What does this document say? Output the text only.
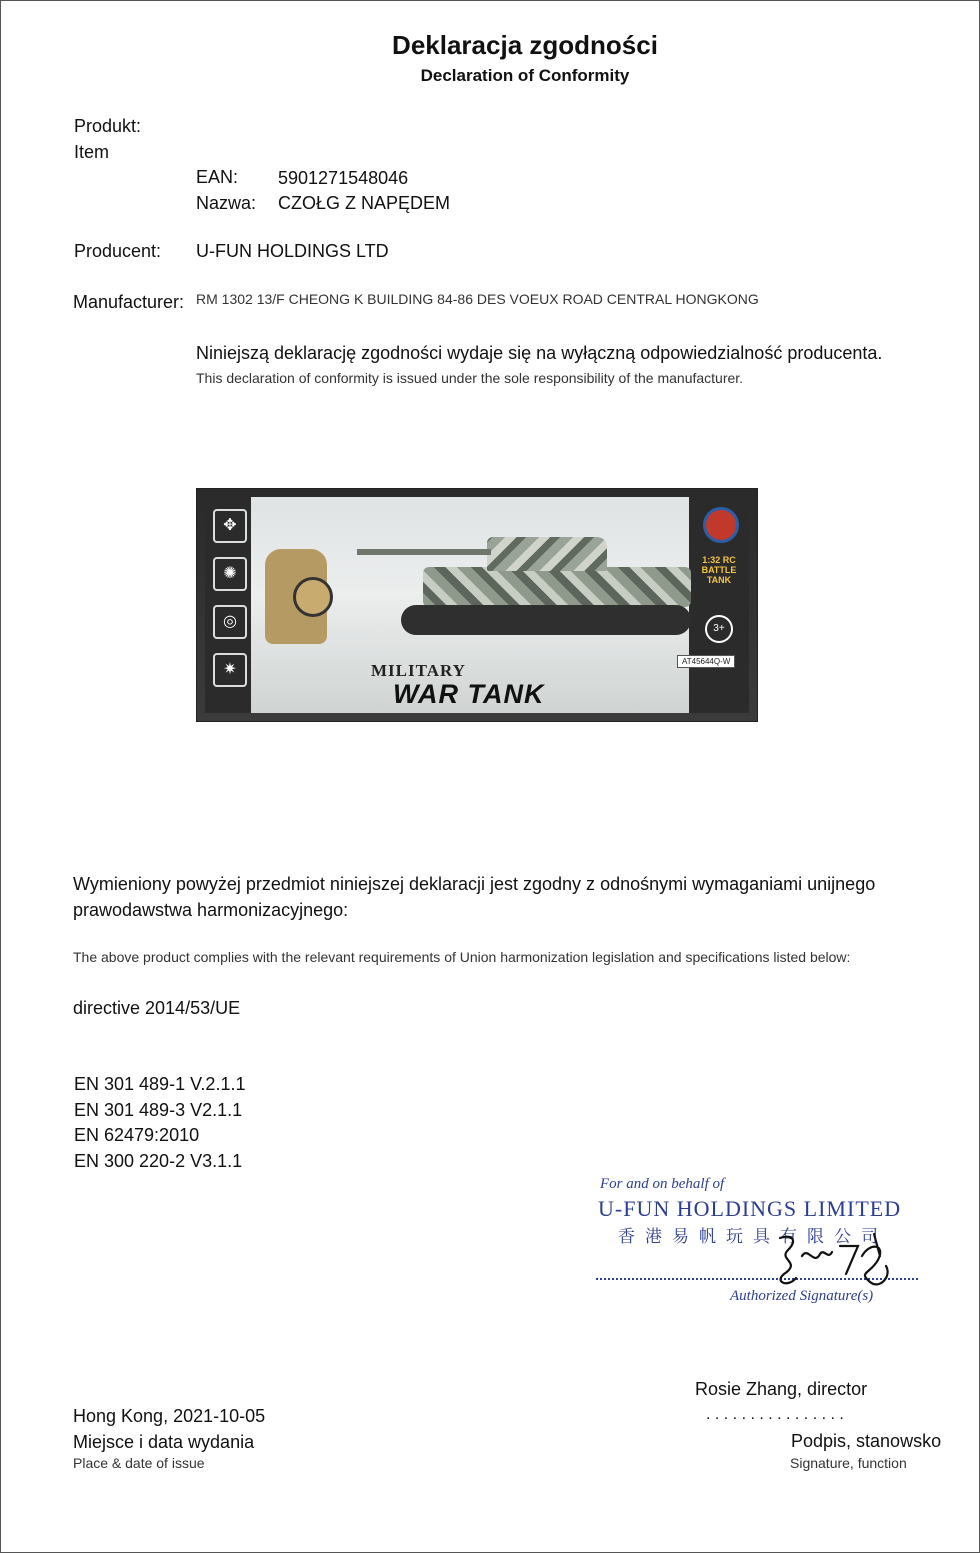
Deklaracja zgodności
Declaration of Conformity
Produkt:
Item
EAN: 5901271548046
Nazwa: CZOŁG Z NAPĘDEM
Producent: U-FUN HOLDINGS LTD
Manufacturer: RM 1302 13/F CHEONG K BUILDING 84-86 DES VOEUX ROAD CENTRAL HONGKONG
Niniejszą deklarację zgodności wydaje się na wyłączną odpowiedzialność producenta.
This declaration of conformity is issued under the sole responsibility of the manufacturer.
✥
✺
◎
✷
1:32 RC BATTLE TANK
3+
MILITARY
WAR TANK
AT45644Q-W
Wymieniony powyżej przedmiot niniejszej deklaracji jest zgodny z odnośnymi wymaganiami unijnego
prawodawstwa harmonizacyjnego:
The above product complies with the relevant requirements of Union harmonization legislation and specifications listed below:
directive 2014/53/UE
EN 301 489-1 V.2.1.1
EN 301 489-3 V2.1.1
EN 62479:2010
EN 300 220-2 V3.1.1
For and on behalf of
U-FUN HOLDINGS LIMITED
香港易帆玩具有限公司
Authorized Signature(s)
Rosie Zhang, director
. . . . . . . . . . . . . . . .
Hong Kong, 2021-10-05
Miejsce i data wydania
Place & date of issue
Podpis, stanowsko
Signature, function
